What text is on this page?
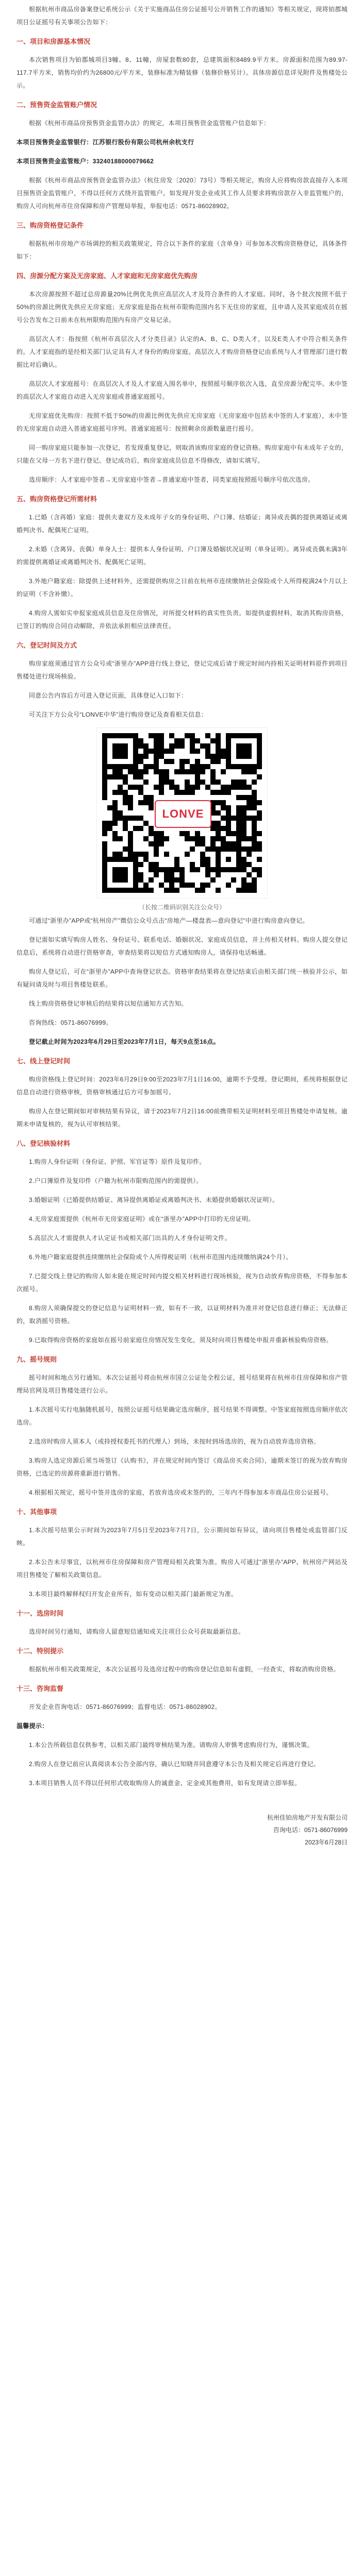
根据杭州市商品房备案登记系统公示《关于实施商品住房公证摇号公开销售工作的通知》等相关规定，现将铂郡城项目公证摇号有关事项公告如下：

一、项目和房源基本情况

本次销售项目为铂郡城项目3幢、8、11幢，房屋套数80套，总建筑面积8489.9平方米。房源面积范围为89.97-117.7平方米，销售均价约为26800元/平方米，装修标准为精装修（装修价格另计）。具体房源信息详见附件及售楼处公示。

二、预售资金监管账户情况

根据《杭州市商品房预售资金监管办法》的规定，本项目预售资金监管账户信息如下：

本项目预售资金监管银行：江苏银行股份有限公司杭州余杭支行

本项目预售资金监管账户：33240188000079662

根据《杭州市商品房预售资金监管办法》（杭住房发〔2020〕73号）等相关规定，购房人应将购房款直接存入本项目预售资金监管账户，不得以任何方式绕开监管账户。如发现开发企业或其工作人员要求将购房款存入非监管账户的，购房人可向杭州市住房保障和房产管理局举报，举报电话：0571-86028902。

三、购房资格登记条件

根据杭州市房地产市场调控的相关政策规定，符合以下条件的家庭（含单身）可参加本次购房资格登记，具体条件如下：

四、房源分配方案及无房家庭、人才家庭和无房家庭优先购房

本次房源按照不超过总房源量20%比例优先供应高层次人才及符合条件的人才家庭。同时，各个批次按照不低于50%的房源比例优先供应无房家庭；无房家庭是指在杭州市限购范围内名下无住房的家庭，且申请人及其家庭成员在摇号公告发布之日前未在杭州限购范围内有房产交易记录。

高层次人才：指按照《杭州市高层次人才分类目录》认定的A、B、C、D类人才，以及E类人才中符合相关条件的。人才家庭指的是经相关部门认定具有人才身份的购房家庭。高层次人才购房资格登记由系统与人才管理部门进行数据比对后确认。

高层次人才家庭摇号：在高层次人才及人才家庭入围名单中，按照摇号顺序依次入选，直至房源分配完毕。未中签的高层次人才家庭自动进入无房家庭或普通家庭摇号。

无房家庭优先购房：按照不低于50%的房源比例优先供应无房家庭（无房家庭中包括未中签的人才家庭），未中签的无房家庭自动进入普通家庭摇号序列。普通家庭摇号：按照剩余房源数量进行摇号。

同一购房家庭只能参加一次登记，若发现重复登记，则取消该购房家庭的登记资格。购房家庭中有未成年子女的，只能在父母一方名下进行登记。登记成功后，购房家庭成员信息不得修改，请如实填写。

选房顺序：人才家庭中签者→无房家庭中签者→普通家庭中签者，同类家庭按照摇号顺序号依次选房。

五、购房资格登记所需材料

1.已婚（含再婚）家庭：提供夫妻双方及未成年子女的身份证明、户口簿、结婚证；离异或丧偶的提供离婚证或离婚判决书、配偶死亡证明。

2.未婚（含离异、丧偶）单身人士：提供本人身份证明、户口簿及婚姻状况证明（单身证明）。离异或丧偶未满3年的需提供离婚证或离婚判决书、配偶死亡证明。

3.外地户籍家庭：除提供上述材料外，还需提供购房之日前在杭州市连续缴纳社会保险或个人所得税满24个月以上的证明（不含补缴）。

4.购房人需如实申报家庭成员信息及住房情况，对所提交材料的真实性负责。如提供虚假材料，取消其购房资格，已签订的购房合同自动解除，并依法承担相应法律责任。

六、登记时间及方式

购房家庭须通过官方公众号或“浙里办”APP进行线上登记，登记完成后请于规定时间内持相关证明材料原件到项目售楼处进行现场核验。

同意公告内容后方可进入登记页面，具体登记入口如下：

可关注下方公众号“LONVE中华”进行购房登记及查看相关信息：

LONVE
（长按二维码识别关注公众号）

可通过“浙里办”APP或“杭州房产”微信公众号点击“房地产—楼盘表—意向登记”中进行购房意向登记。

登记需如实填写购房人姓名、身份证号、联系电话、婚姻状况、家庭成员信息，并上传相关材料。购房人提交登记信息后，系统将自动进行资格审查，审查结果将以短信方式通知购房人，请保持电话畅通。

购房人登记后，可在“浙里办”APP中查询登记状态。资格审查结果将在登记结束后由相关部门统一核验并公示，如有疑问请及时与项目售楼处联系。

线上购房资格登记审核后的结果将以短信通知方式告知。

咨询热线：0571-86076999。

登记截止时间为2023年6月29日至2023年7月1日，每天9点至16点。

七、线上登记时间

购房资格线上登记时间：2023年6月29日9:00至2023年7月1日16:00，逾期不予受理。登记期间，系统将根据登记信息自动进行资格审核，资格审核通过后方可参加摇号。

购房人在登记期间如对审核结果有异议，请于2023年7月2日16:00前携带相关证明材料至项目售楼处申请复核。逾期未申请复核的，视为认可审核结果。

八、登记核验材料

1.购房人身份证明（身份证、护照、军官证等）原件及复印件。

2.户口簿原件及复印件（户籍为杭州市限购范围内的需提供）。

3.婚姻证明（已婚提供结婚证、离异提供离婚证或离婚判决书、未婚提供婚姻状况证明）。

4.无房家庭需提供《杭州市无房家庭证明》或在“浙里办”APP中打印的无房证明。

5.高层次人才需提供人才认定证书或相关部门出具的人才身份证明文件。

6.外地户籍家庭提供连续缴纳社会保险或个人所得税证明（杭州市范围内连续缴纳满24个月）。

7.已提交线上登记的购房人如未能在规定时间内提交相关材料进行现场核验，视为自动放弃购房资格，不得参加本次摇号。

8.购房人须确保提交的登记信息与证明材料一致，如有不一致，以证明材料为准并对登记信息进行修正；无法修正的，取消摇号资格。

9.已取得购房资格的家庭如在摇号前家庭住房情况发生变化，须及时向项目售楼处申报并重新核验购房资格。

九、摇号规则

摇号时间和地点另行通知。本次公证摇号将由杭州市国立公证处全程公证，摇号结果将在杭州市住房保障和房产管理局官网及项目售楼处进行公示。

1.本次摇号实行电脑随机摇号，按照公证摇号结果确定选房顺序，摇号结果不得调整。中签家庭按照选房顺序依次选房。

2.选房时购房人须本人（或持授权委托书的代理人）到场，未按时到场选房的，视为自动放弃选房资格。

3.购房人选定房源后须当场签订《认购书》，并在规定时间内签订《商品房买卖合同》，逾期未签订的视为放弃购房资格，已选定的房源将重新进行销售。

4.根据相关规定，摇号中签并选房的家庭，若放弃选房或未签约的，三年内不得参加本市商品住房公证摇号。

十、其他事项

1.本次摇号结果公示时间为2023年7月5日至2023年7月7日，公示期间如有异议，请向项目售楼处或监管部门反映。

2.本公告未尽事宜，以杭州市住房保障和房产管理局相关政策为准。购房人可通过“浙里办”APP、杭州房产网站及项目售楼处了解相关政策信息。

3.本项目最终解释权归开发企业所有，如有变动以相关部门最新规定为准。

十一、选房时间

选房时间另行通知，请购房人留意短信通知或关注项目公众号获取最新信息。

十二、特别提示

根据杭州市相关政策规定，本次公证摇号及选房过程中的购房登记信息如有虚假，一经查实，将取消购房资格。

十三、咨询监督

开发企业咨询电话：0571-86076999；监督电话：0571-86028902。

温馨提示：

1.本公告所载信息仅供参考，以相关部门最终审核结果为准。请购房人审慎考虑购房行为，谨慎决策。

2.购房人在登记前应认真阅读本公告全部内容，确认已知晓并同意遵守本公告及相关规定后再进行登记。

3.本项目销售人员不得以任何形式收取购房人的诚意金、定金或其他费用，如有发现请立即举报。

杭州佳铂房地产开发有限公司

咨询电话：0571-86076999

2023年6月28日
